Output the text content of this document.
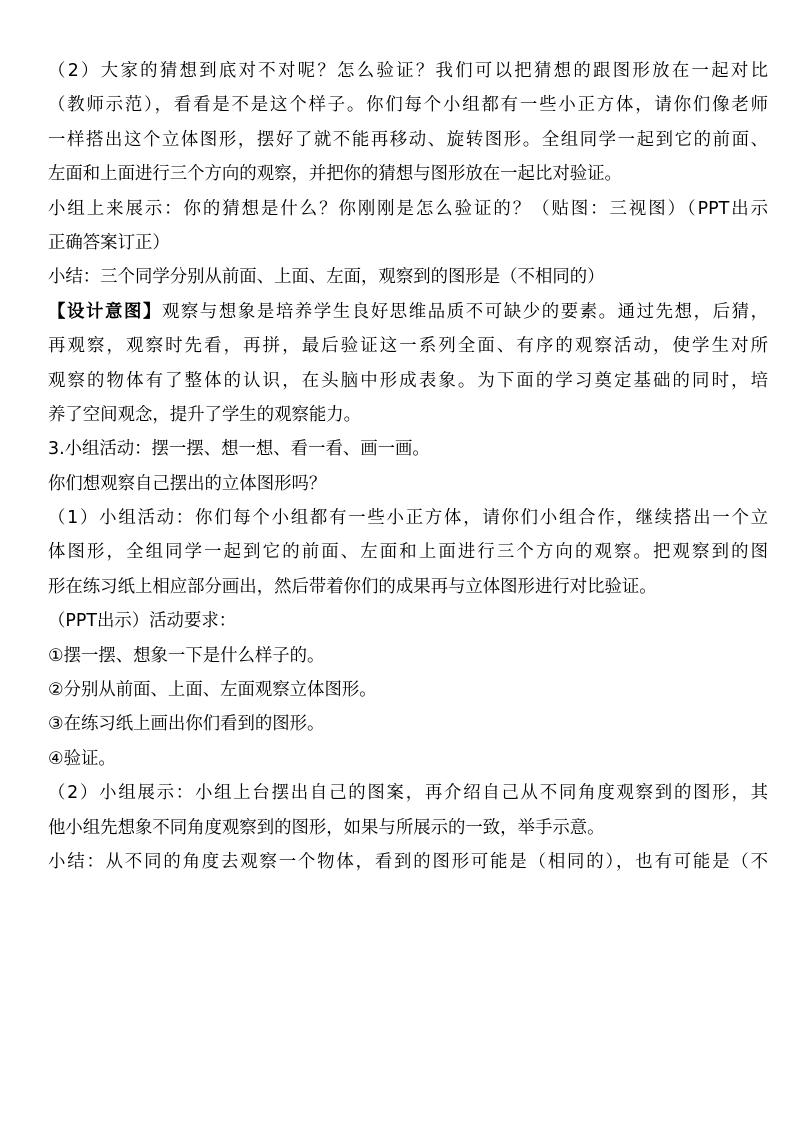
（2）大家的猜想到底对不对呢？怎么验证？我们可以把猜想的跟图形放在一起对比
（教师示范），看看是不是这个样子。你们每个小组都有一些小正方体，请你们像老师
一样搭出这个立体图形，摆好了就不能再移动、旋转图形。全组同学一起到它的前面、
左面和上面进行三个方向的观察，并把你的猜想与图形放在一起比对验证。
小组上来展示：你的猜想是什么？你刚刚是怎么验证的？（贴图：三视图）（PPT出示
正确答案订正）
小结：三个同学分别从前面、上面、左面，观察到的图形是（不相同的）
【设计意图】观察与想象是培养学生良好思维品质不可缺少的要素。通过先想，后猜，
再观察，观察时先看，再拼，最后验证这一系列全面、有序的观察活动，使学生对所
观察的物体有了整体的认识，在头脑中形成表象。为下面的学习奠定基础的同时，培
养了空间观念，提升了学生的观察能力。
3.小组活动：摆一摆、想一想、看一看、画一画。
你们想观察自己摆出的立体图形吗？
（1）小组活动：你们每个小组都有一些小正方体，请你们小组合作，继续搭出一个立
体图形，全组同学一起到它的前面、左面和上面进行三个方向的观察。把观察到的图
形在练习纸上相应部分画出，然后带着你们的成果再与立体图形进行对比验证。
（PPT出示）活动要求：
①摆一摆、想象一下是什么样子的。
②分别从前面、上面、左面观察立体图形。
③在练习纸上画出你们看到的图形。
④验证。
（2）小组展示：小组上台摆出自己的图案，再介绍自己从不同角度观察到的图形，其
他小组先想象不同角度观察到的图形，如果与所展示的一致，举手示意。
小结：从不同的角度去观察一个物体，看到的图形可能是（相同的），也有可能是（不
